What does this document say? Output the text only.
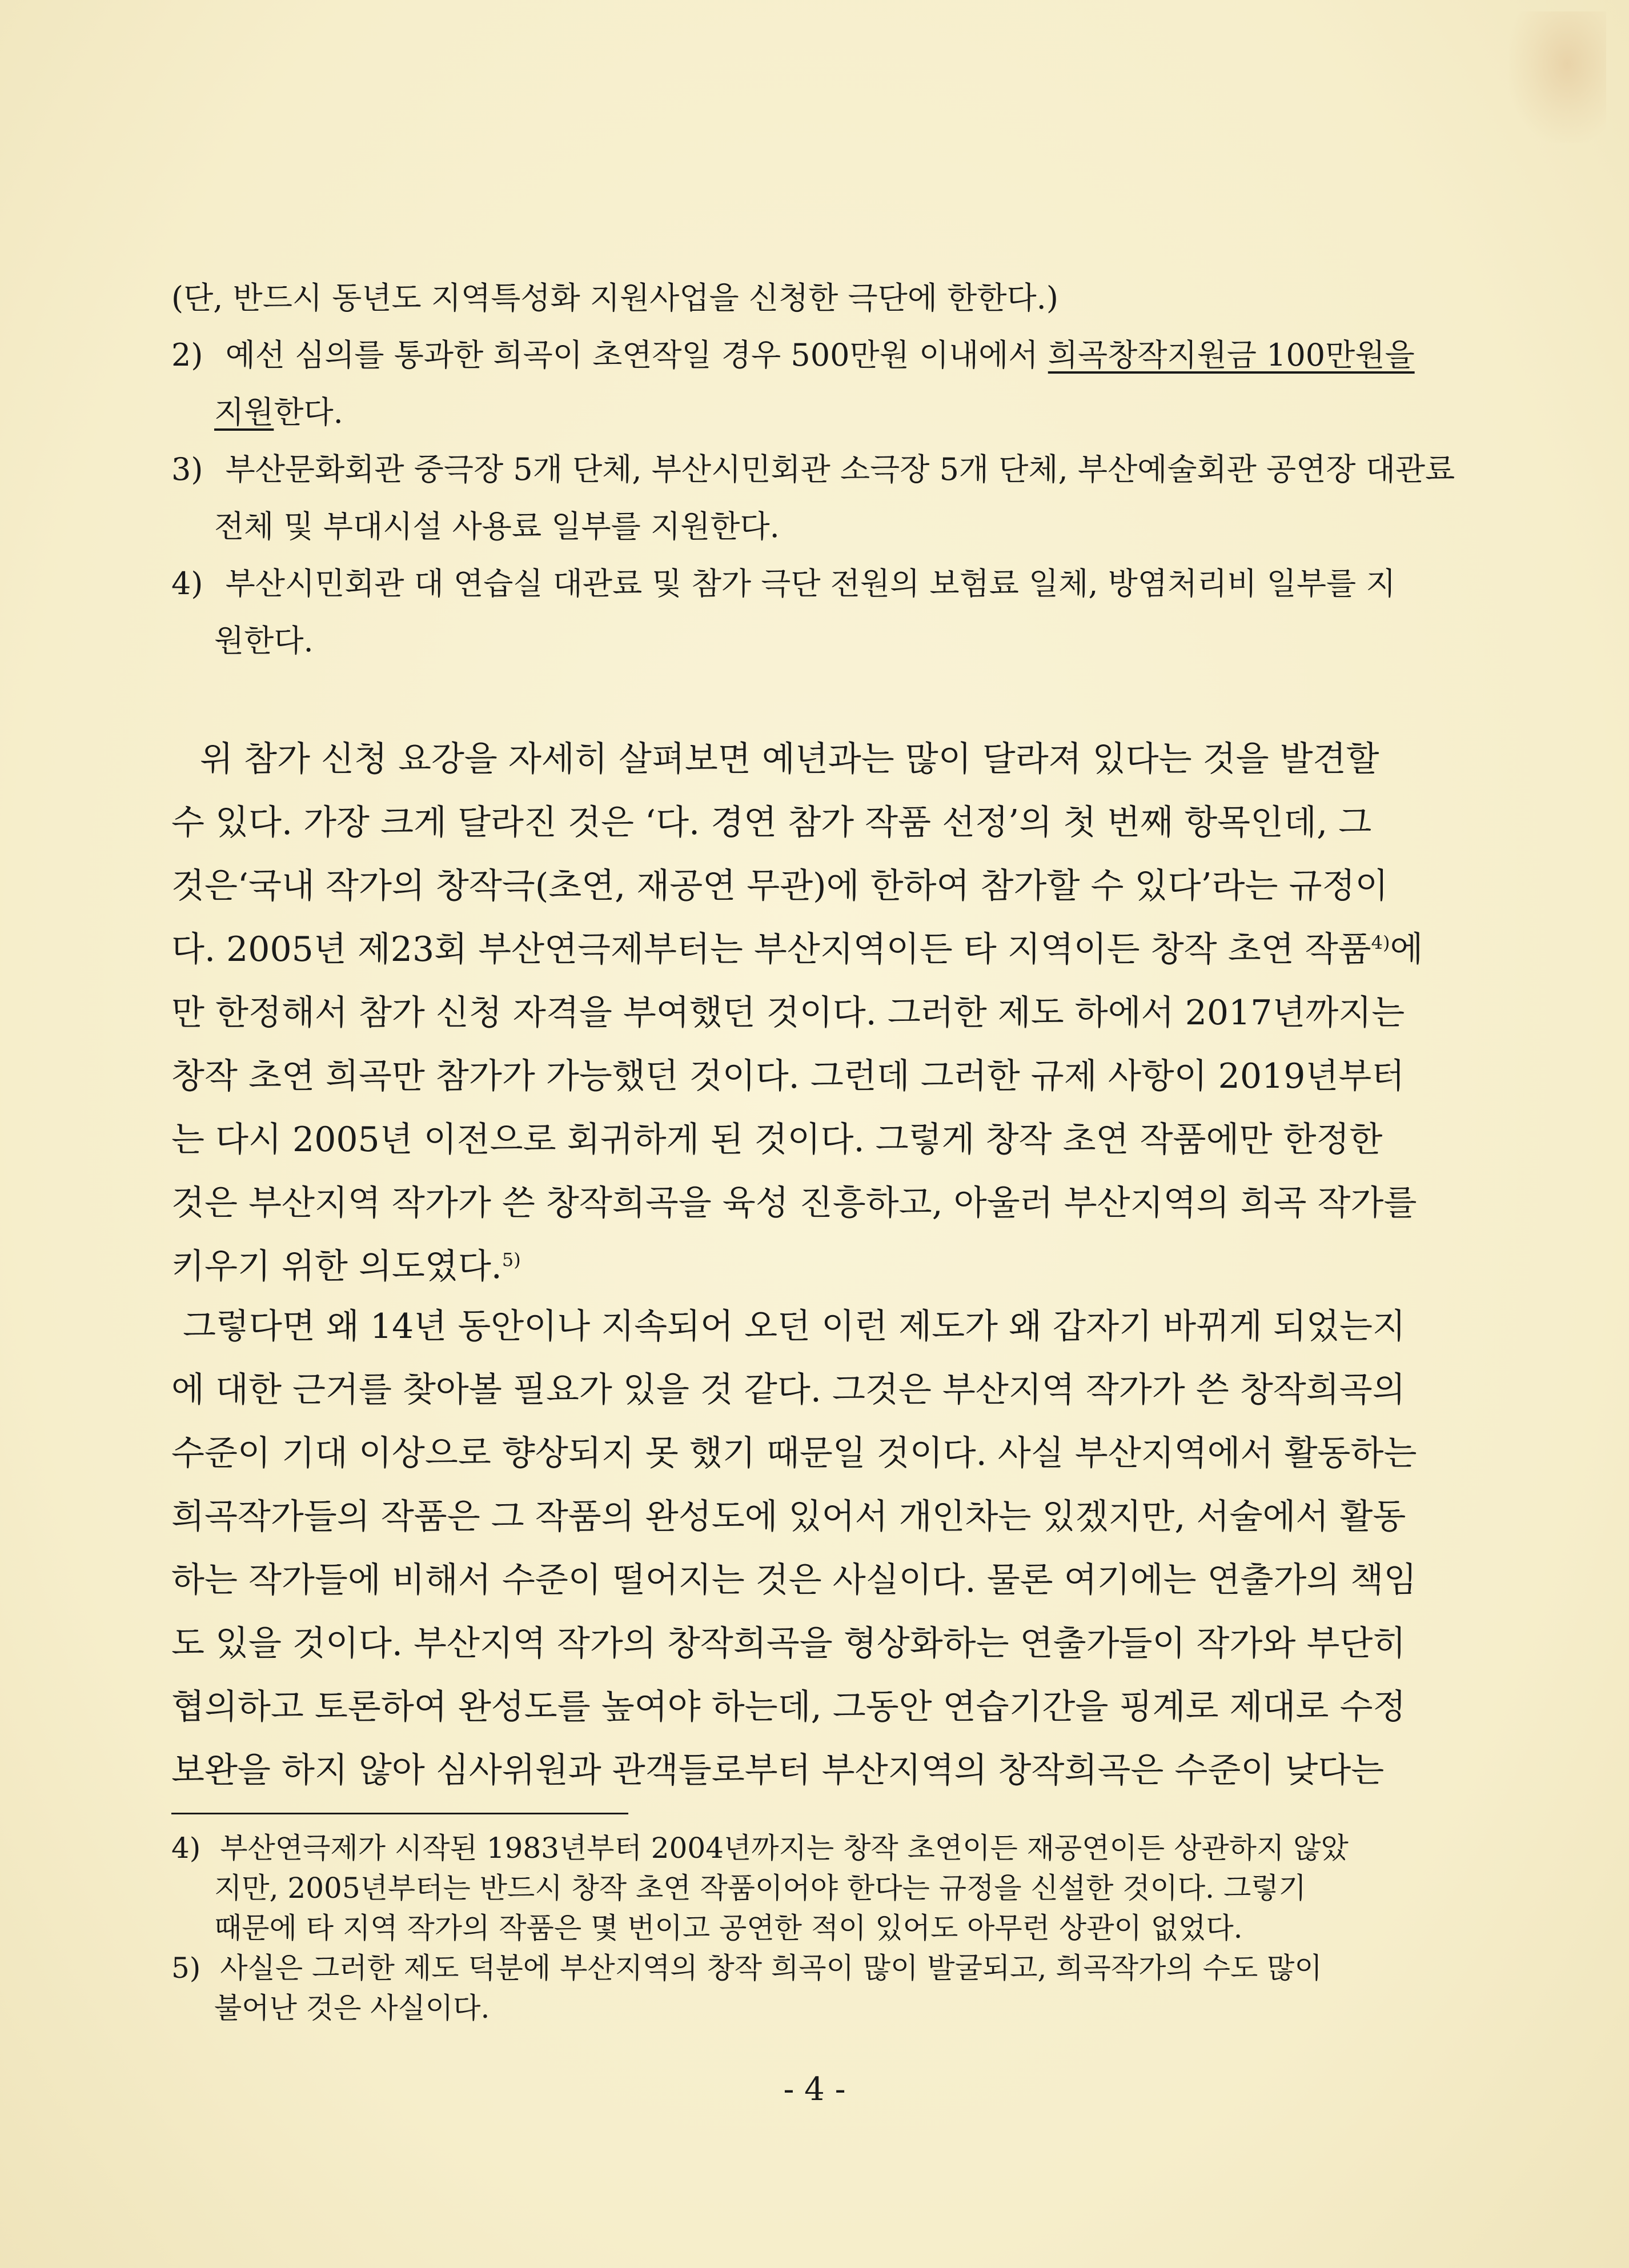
(단, 반드시 동년도 지역특성화 지원사업을 신청한 극단에 한한다.)
2) 예선 심의를 통과한 희곡이 초연작일 경우 500만원 이내에서 희곡창작지원금 100만원을
지원한다.
3) 부산문화회관 중극장 5개 단체, 부산시민회관 소극장 5개 단체, 부산예술회관 공연장 대관료
전체 및 부대시설 사용료 일부를 지원한다.
4) 부산시민회관 대 연습실 대관료 및 참가 극단 전원의 보험료 일체, 방염처리비 일부를 지
원한다.
위 참가 신청 요강을 자세히 살펴보면 예년과는 많이 달라져 있다는 것을 발견할
수 있다. 가장 크게 달라진 것은 ‘다. 경연 참가 작품 선정’의 첫 번째 항목인데, 그
것은‘국내 작가의 창작극(초연, 재공연 무관)에 한하여 참가할 수 있다’라는 규정이
다. 2005년 제23회 부산연극제부터는 부산지역이든 타 지역이든 창작 초연 작품$^{4)}$에
만 한정해서 참가 신청 자격을 부여했던 것이다. 그러한 제도 하에서 2017년까지는
창작 초연 희곡만 참가가 가능했던 것이다. 그런데 그러한 규제 사항이 2019년부터
는 다시 2005년 이전으로 회귀하게 된 것이다. 그렇게 창작 초연 작품에만 한정한
것은 부산지역 작가가 쓴 창작희곡을 육성 진흥하고, 아울러 부산지역의 희곡 작가를
키우기 위한 의도였다.$^{5)}$
그렇다면 왜 14년 동안이나 지속되어 오던 이런 제도가 왜 갑자기 바뀌게 되었는지
에 대한 근거를 찾아볼 필요가 있을 것 같다. 그것은 부산지역 작가가 쓴 창작희곡의
수준이 기대 이상으로 향상되지 못 했기 때문일 것이다. 사실 부산지역에서 활동하는
희곡작가들의 작품은 그 작품의 완성도에 있어서 개인차는 있겠지만, 서술에서 활동
하는 작가들에 비해서 수준이 떨어지는 것은 사실이다. 물론 여기에는 연출가의 책임
도 있을 것이다. 부산지역 작가의 창작희곡을 형상화하는 연출가들이 작가와 부단히
협의하고 토론하여 완성도를 높여야 하는데, 그동안 연습기간을 핑계로 제대로 수정
보완을 하지 않아 심사위원과 관객들로부터 부산지역의 창작희곡은 수준이 낮다는
4) 부산연극제가 시작된 1983년부터 2004년까지는 창작 초연이든 재공연이든 상관하지 않았
지만, 2005년부터는 반드시 창작 초연 작품이어야 한다는 규정을 신설한 것이다. 그렇기
때문에 타 지역 작가의 작품은 몇 번이고 공연한 적이 있어도 아무런 상관이 없었다.
5) 사실은 그러한 제도 덕분에 부산지역의 창작 희곡이 많이 발굴되고, 희곡작가의 수도 많이
불어난 것은 사실이다.
- 4 -
